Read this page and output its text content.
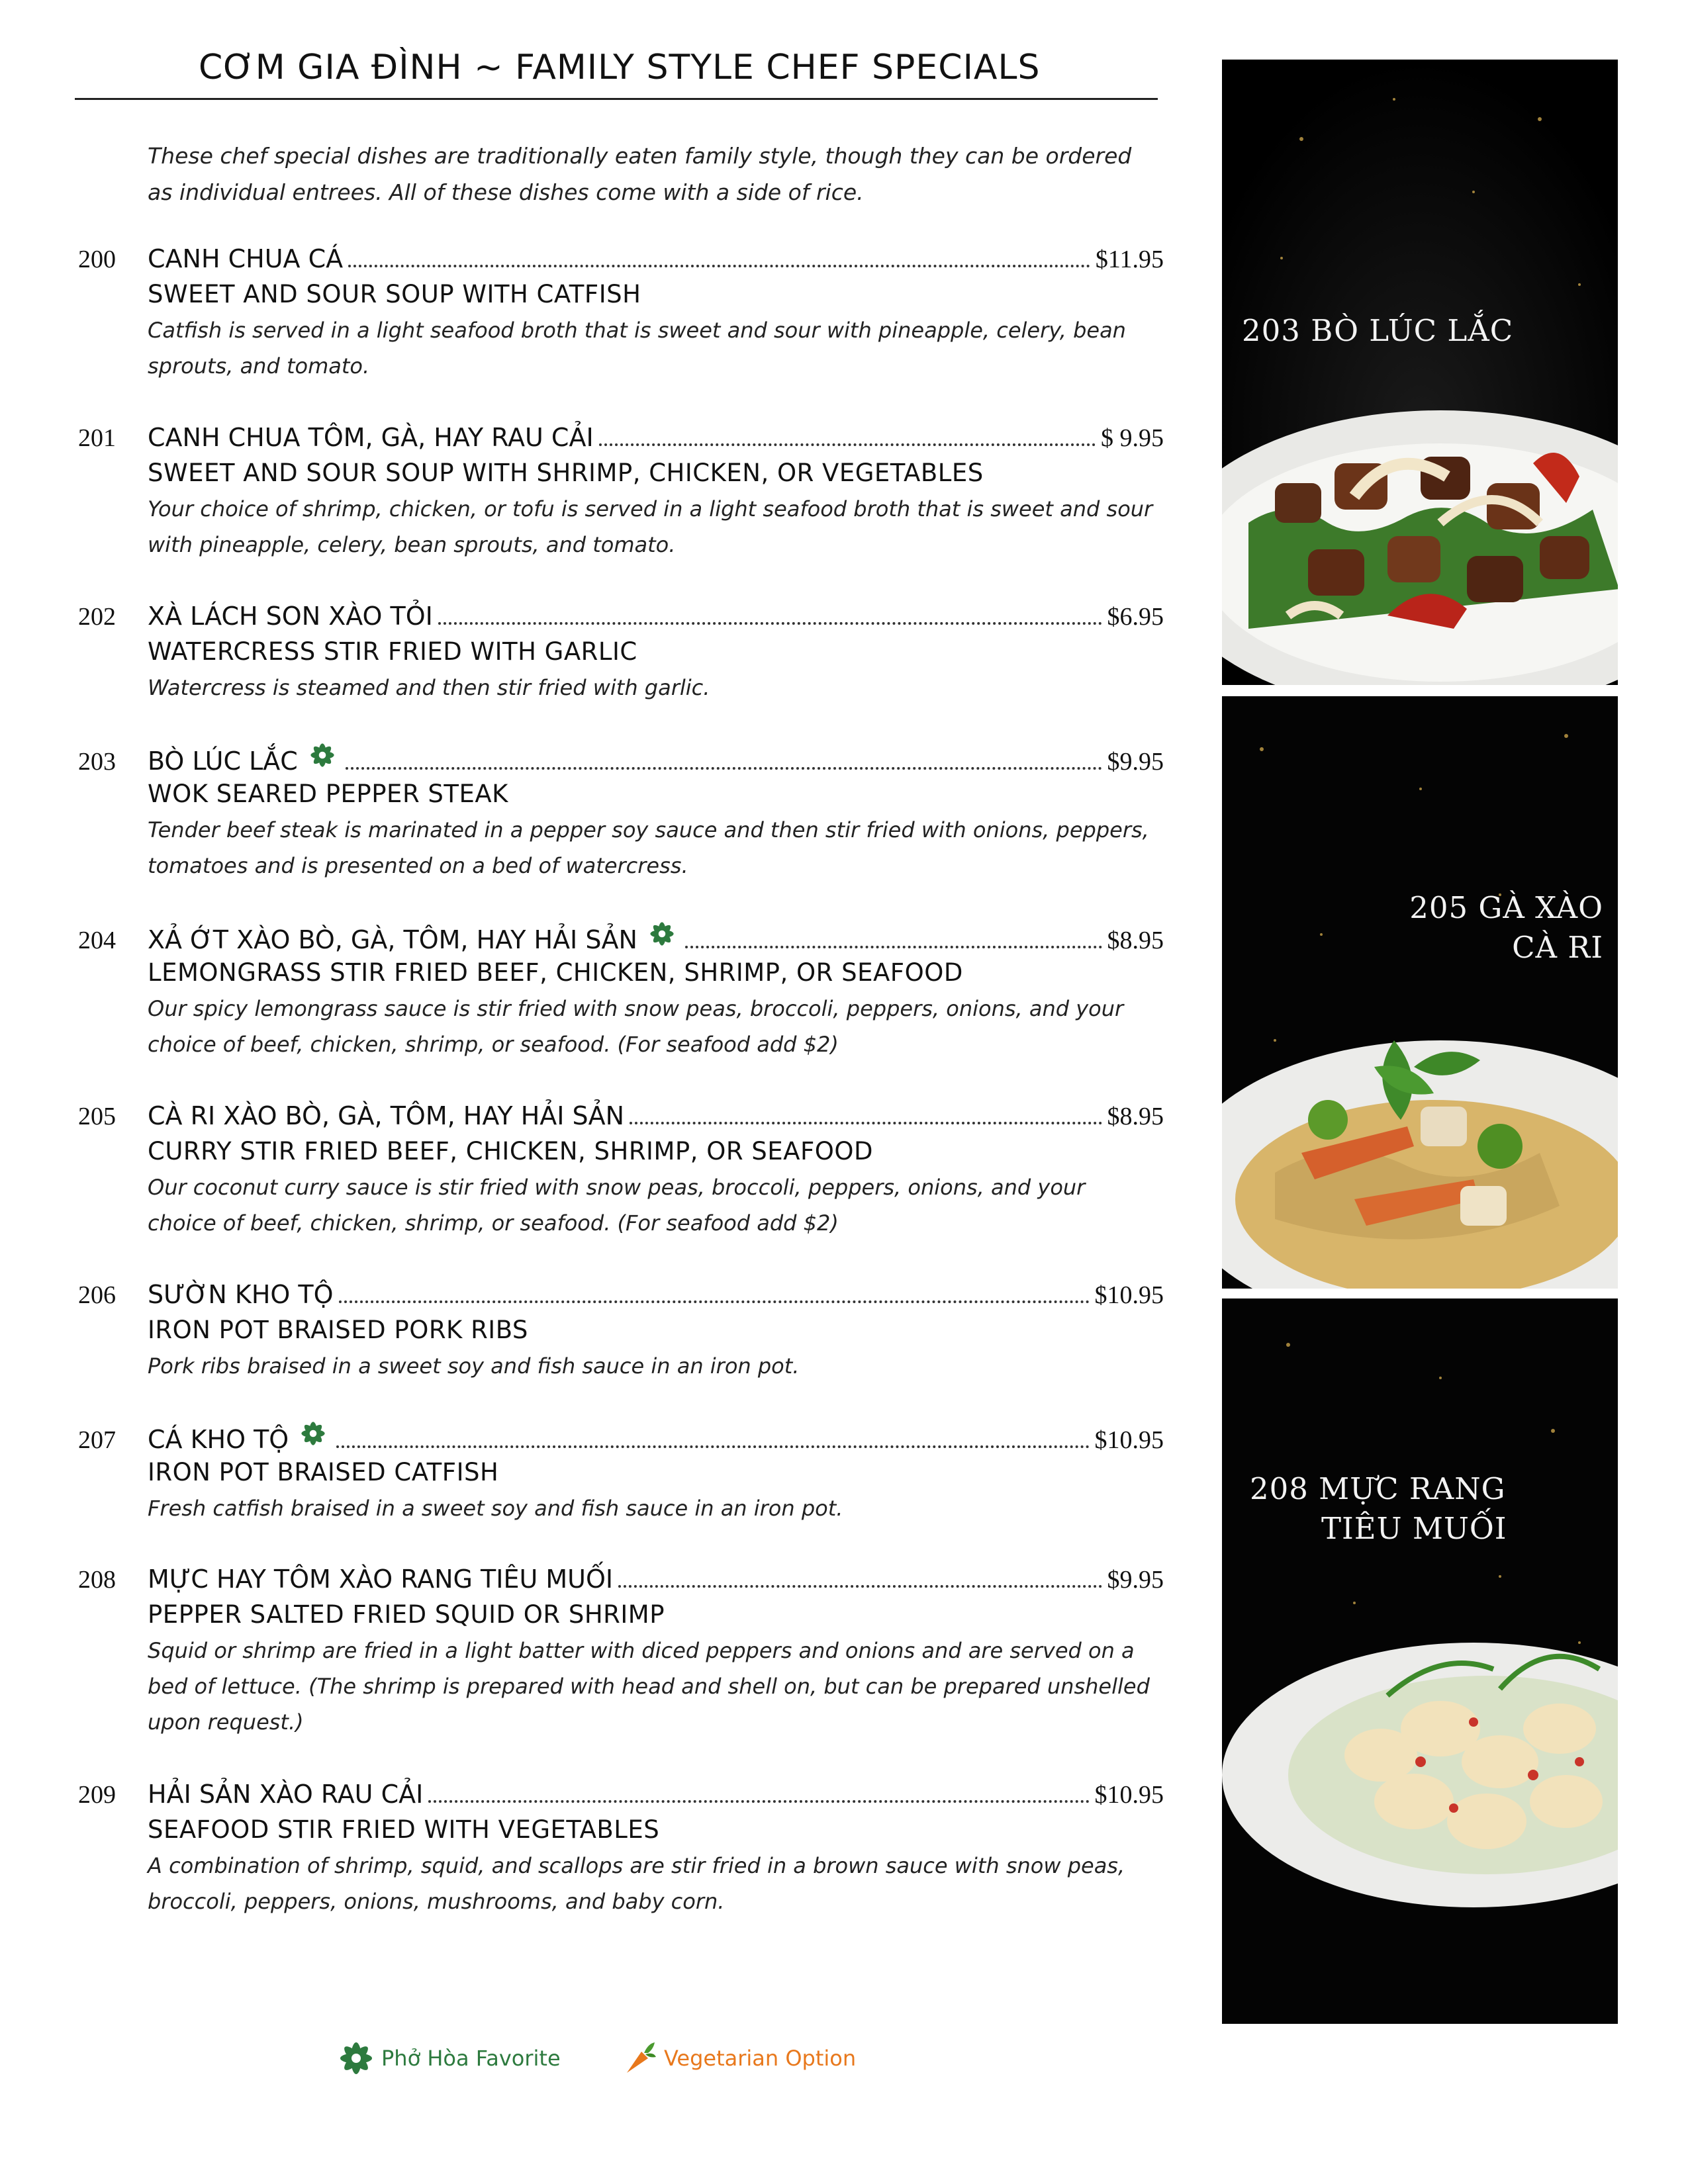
CƠM GIA ĐÌNH ~ FAMILY STYLE CHEF SPECIALS
These chef special dishes are traditionally eaten family style, though they can be ordered as individual entrees. All of these dishes come with a side of rice.
200	CANH CHUA CÁ	$11.95
SWEET AND SOUR SOUP WITH CATFISH
Catfish is served in a light seafood broth that is sweet and sour with pineapple, celery, bean sprouts, and tomato.
201	CANH CHUA TÔM, GÀ, HAY RAU CẢI	$ 9.95
SWEET AND SOUR SOUP WITH SHRIMP, CHICKEN, OR VEGETABLES
Your choice of shrimp, chicken, or tofu is served in a light seafood broth that is sweet and sour with pineapple, celery, bean sprouts, and tomato.
202	XÀ LÁCH SON XÀO TỎI	$6.95
WATERCRESS STIR FRIED WITH GARLIC
Watercress is steamed and then stir fried with garlic.
203	BÒ LÚC LẮC	$9.95
WOK SEARED PEPPER STEAK
Tender beef steak is marinated in a pepper soy sauce and then stir fried with onions, peppers, tomatoes and is presented on a bed of watercress.
204	XẢ ỚT XÀO BÒ, GÀ, TÔM, HAY HẢI SẢN	$8.95
LEMONGRASS STIR FRIED BEEF, CHICKEN, SHRIMP, OR SEAFOOD
Our spicy lemongrass sauce is stir fried with snow peas, broccoli, peppers, onions, and your choice of beef, chicken, shrimp, or seafood. (For seafood add $2)
205	CÀ RI XÀO BÒ, GÀ, TÔM, HAY HẢI SẢN	$8.95
CURRY STIR FRIED BEEF, CHICKEN, SHRIMP, OR SEAFOOD
Our coconut curry sauce is stir fried with snow peas, broccoli, peppers, onions, and your choice of beef, chicken, shrimp, or seafood. (For seafood add $2)
206	SƯỜN KHO TỘ	$10.95
IRON POT BRAISED PORK RIBS
Pork ribs braised in a sweet soy and fish sauce in an iron pot.
207	CÁ KHO TỘ	$10.95
IRON POT BRAISED CATFISH
Fresh catfish braised in a sweet soy and fish sauce in an iron pot.
208	MỰC HAY TÔM XÀO RANG TIÊU MUỐI	$9.95
PEPPER SALTED FRIED SQUID OR SHRIMP
Squid or shrimp are fried in a light batter with diced peppers and onions and are served on a bed of lettuce. (The shrimp is prepared with head and shell on, but can be prepared unshelled upon request.)
209	HẢI SẢN XÀO RAU CẢI	$10.95
SEAFOOD STIR FRIED WITH VEGETABLES
A combination of shrimp, squid, and scallops are stir fried in a brown sauce with snow peas, broccoli, peppers, onions, mushrooms, and baby corn.
203 BÒ LÚC LẮC
205 GÀ XÀO
CÀ RI
208 MỰC RANG
TIÊU MUỐI
Phở Hòa Favorite	Vegetarian Option
